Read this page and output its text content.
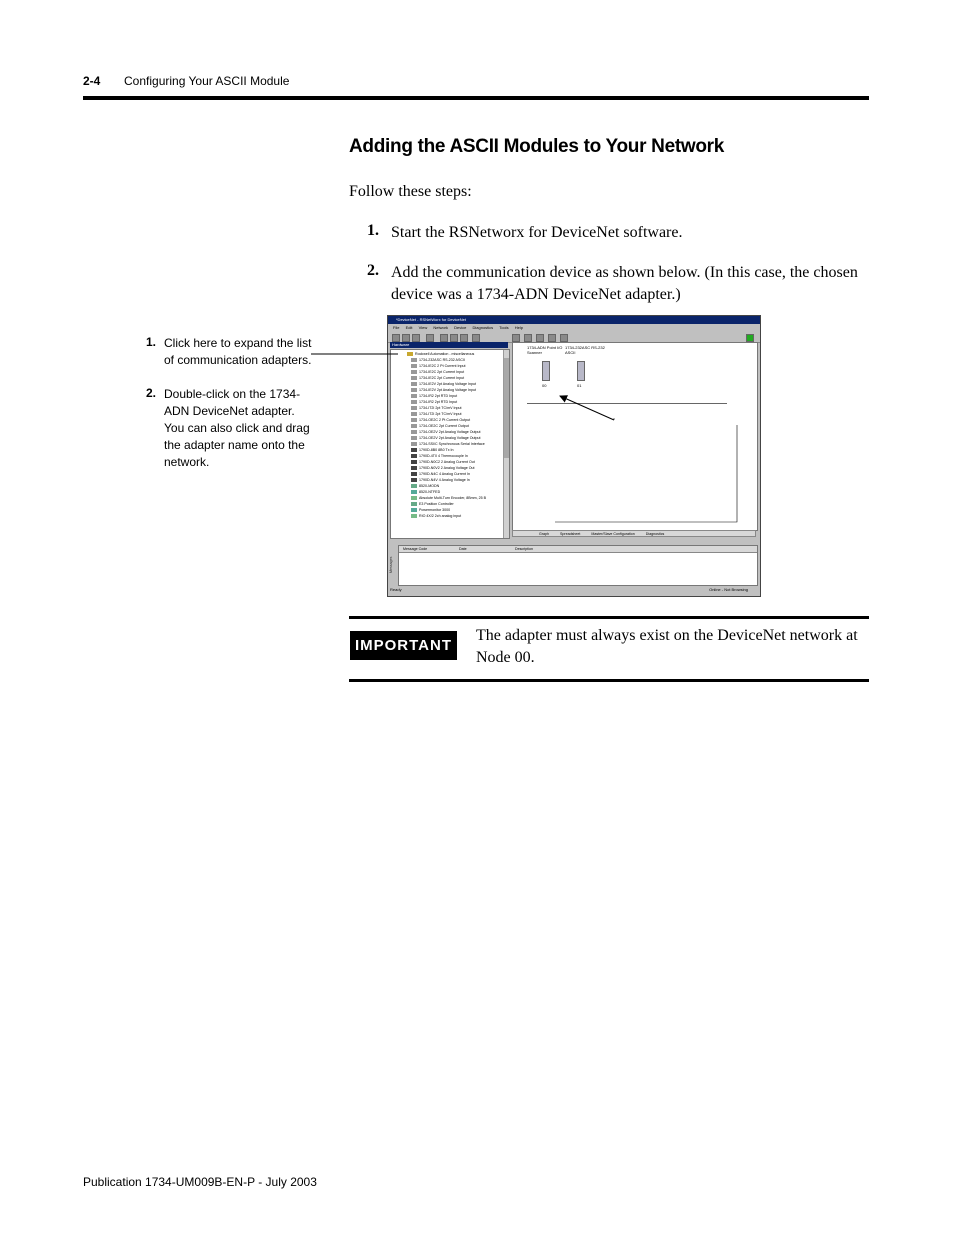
2-4 Configuring Your ASCII Module
Adding the ASCII Modules to Your Network
Follow these steps:
1. Start the RSNetworx for DeviceNet software.
2. Add the communication device as shown below. (In this case, the chosen device was a 1734-ADN DeviceNet adapter.)
1. Click here to expand the list of communication adapters.
2. Double-click on the 1734-ADN DeviceNet adapter. You can also click and drag the adapter name onto the network.
*DeviceNet - RSNetWorx for DeviceNet
File Edit View Network Device Diagnostics Tools Help
Hardware
Rockwell Automation - miscellaneous
1734-232ASC RS-232 ASCII
1734-IE2C 2 Pt Current Input
1734-IE2C 2pt Current Input
1734-IE2C 2pt Current Input
1734-IE2V 2pt Analog Voltage Input
1734-IE2V 2pt Analog Voltage Input
1734-IR2 2pt RTD Input
1734-IR2 2pt RTD Input
1734-IT2I 2pt TC/mV Input
1734-IT2I 2pt TC/mV Input
1734-OE2C 2 Pt Current Output
1734-OE2C 2pt Current Output
1734-OE2V 2pt Analog Voltage Output
1734-OE2V 2pt Analog Voltage Output
1734-SSI/C Synchronous Serial Interface
1790D-8B0 8B0 Tx In
1790D-4T0 4 Thermocouple In
1790D-N0C2 2 Analog Current Out
1790D-N0V2 2 Analog Voltage Out
1790D-N4C 4 Analog Current In
1790D-N4V 4 Analog Voltage In
8520-MODN
8520-NTFED
Absolute Multi-Turn Encoder, 8Bmm, 25 B
E3 Position Controller
Powermonitor 3000
RIO 4X/2 2ch analog input
1734-ADN Point I/O Scanner
1734-232ASC RS-232 ASCII
00	01
Graph	Spreadsheet	Master/Slave Configuration	Diagnostics
Messages
Message Code	Date	Description
Ready	Online - Not Browsing
IMPORTANT
The adapter must always exist on the DeviceNet network at Node 00.
Publication 1734-UM009B-EN-P - July 2003
